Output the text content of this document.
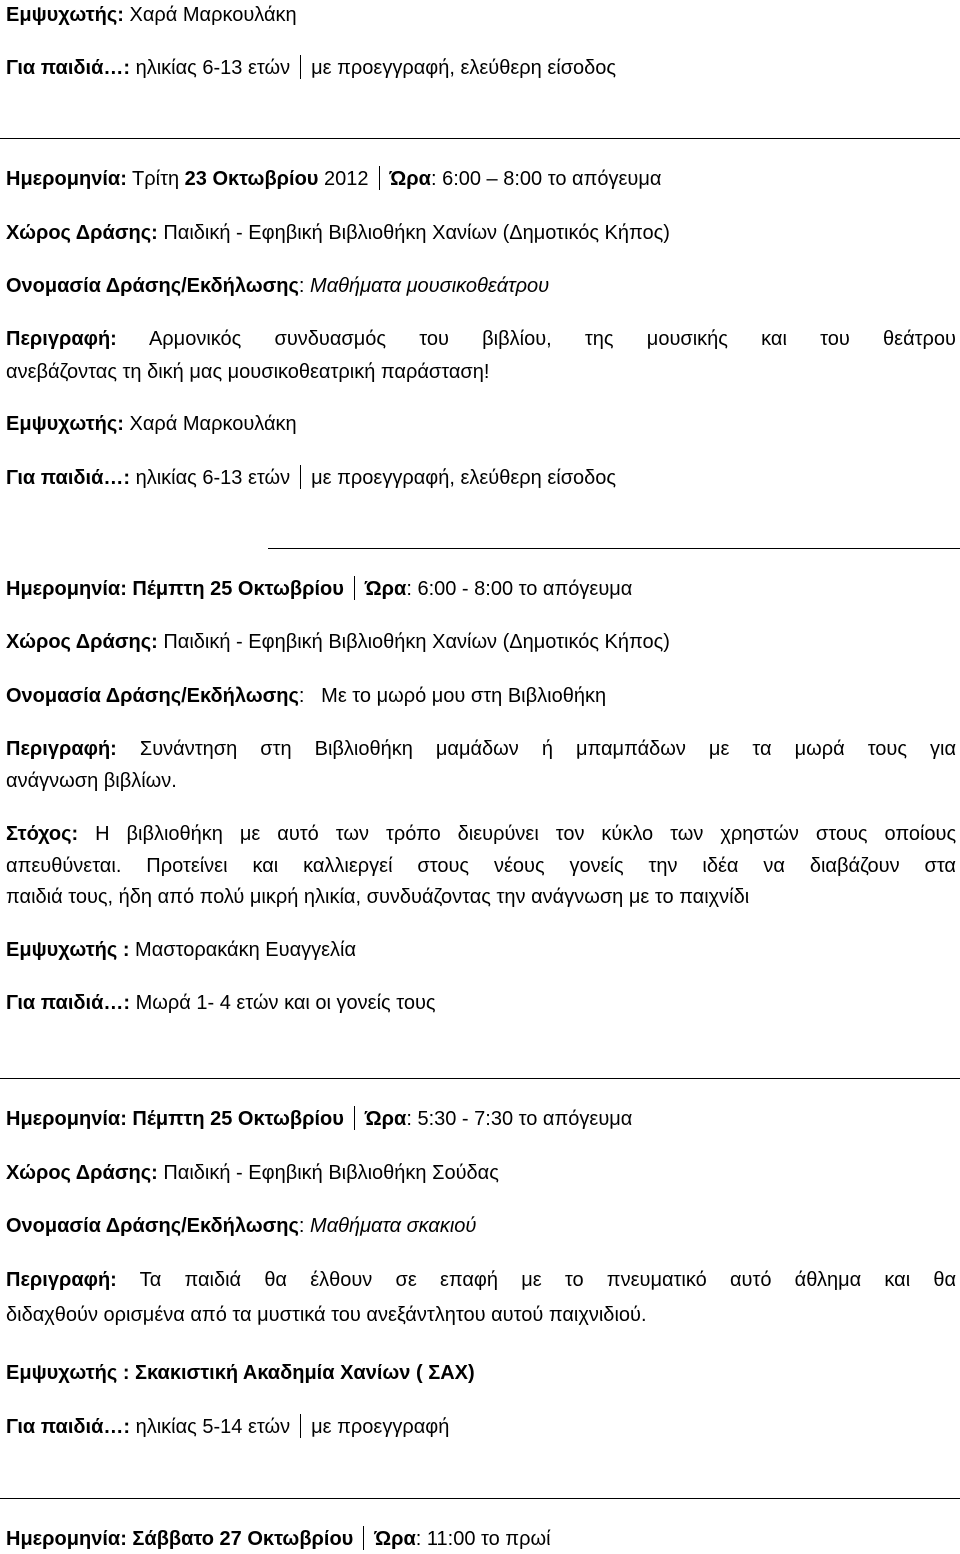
Εμψυχωτής: Χαρά Μαρκουλάκη
Για παιδιά…: ηλικίας 6-13 ετών με προεγγραφή, ελεύθερη είσοδος
Ημερομηνία: Τρίτη 23 Οκτωβρίου 2012 Ώρα: 6:00 – 8:00 το απόγευμα
Χώρος Δράσης: Παιδική - Εφηβική Βιβλιοθήκη Χανίων (Δημοτικός Κήπος)
Ονομασία Δράσης/Εκδήλωσης: Μαθήματα μουσικοθεάτρου
Περιγραφή: Αρμονικός συνδυασμός του βιβλίου, της μουσικής και του θεάτρου
ανεβάζοντας τη δική μας μουσικοθεατρική παράσταση!
Εμψυχωτής: Χαρά Μαρκουλάκη
Για παιδιά…: ηλικίας 6-13 ετών με προεγγραφή, ελεύθερη είσοδος
Ημερομηνία: Πέμπτη 25 Οκτωβρίου Ώρα: 6:00 - 8:00 το απόγευμα
Χώρος Δράσης: Παιδική - Εφηβική Βιβλιοθήκη Χανίων (Δημοτικός Κήπος)
Ονομασία Δράσης/Εκδήλωσης:   Με το μωρό μου στη Βιβλιοθήκη
Περιγραφή: Συνάντηση στη Βιβλιοθήκη μαμάδων ή μπαμπάδων με τα μωρά τους για
ανάγνωση βιβλίων.
Στόχος: Η βιβλιοθήκη με αυτό των τρόπο διευρύνει τον κύκλο των χρηστών στους οποίους
απευθύνεται. Προτείνει και καλλιεργεί στους νέους γονείς την ιδέα να διαβάζουν στα
παιδιά τους, ήδη από πολύ μικρή ηλικία, συνδυάζοντας την ανάγνωση με το παιχνίδι
Εμψυχωτής : Μαστορακάκη Ευαγγελία
Για παιδιά…: Μωρά 1- 4 ετών και οι γονείς τους
Ημερομηνία: Πέμπτη 25 Οκτωβρίου Ώρα: 5:30 - 7:30 το απόγευμα
Χώρος Δράσης: Παιδική - Εφηβική Βιβλιοθήκη Σούδας
Ονομασία Δράσης/Εκδήλωσης: Μαθήματα σκακιού
Περιγραφή: Τα παιδιά θα έλθουν σε επαφή με το πνευματικό αυτό άθλημα και θα
διδαχθούν ορισμένα από τα μυστικά του ανεξάντλητου αυτού παιχνιδιού.
Εμψυχωτής : Σκακιστική Ακαδημία Χανίων ( ΣΑΧ)
Για παιδιά…: ηλικίας 5-14 ετών με προεγγραφή
Ημερομηνία: Σάββατο 27 Οκτωβρίου Ώρα: 11:00 το πρωί
